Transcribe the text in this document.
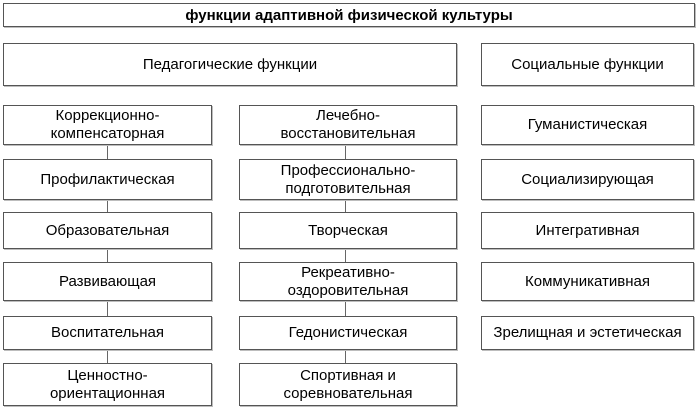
функции адаптивной физической культуры
Педагогические функции	Социальные функции
Коррекционно-
компенсаторная
Профилактическая
Образовательная
Развивающая
Воспитательная
Ценностно-
ориентационная
Лечебно-
восстановительная
Профессионально-
подготовительная
Творческая
Рекреативно-
оздоровительная
Гедонистическая
Спортивная и
соревновательная
Гуманистическая
Социализирующая
Интегративная
Коммуникативная
Зрелищная и эстетическая
